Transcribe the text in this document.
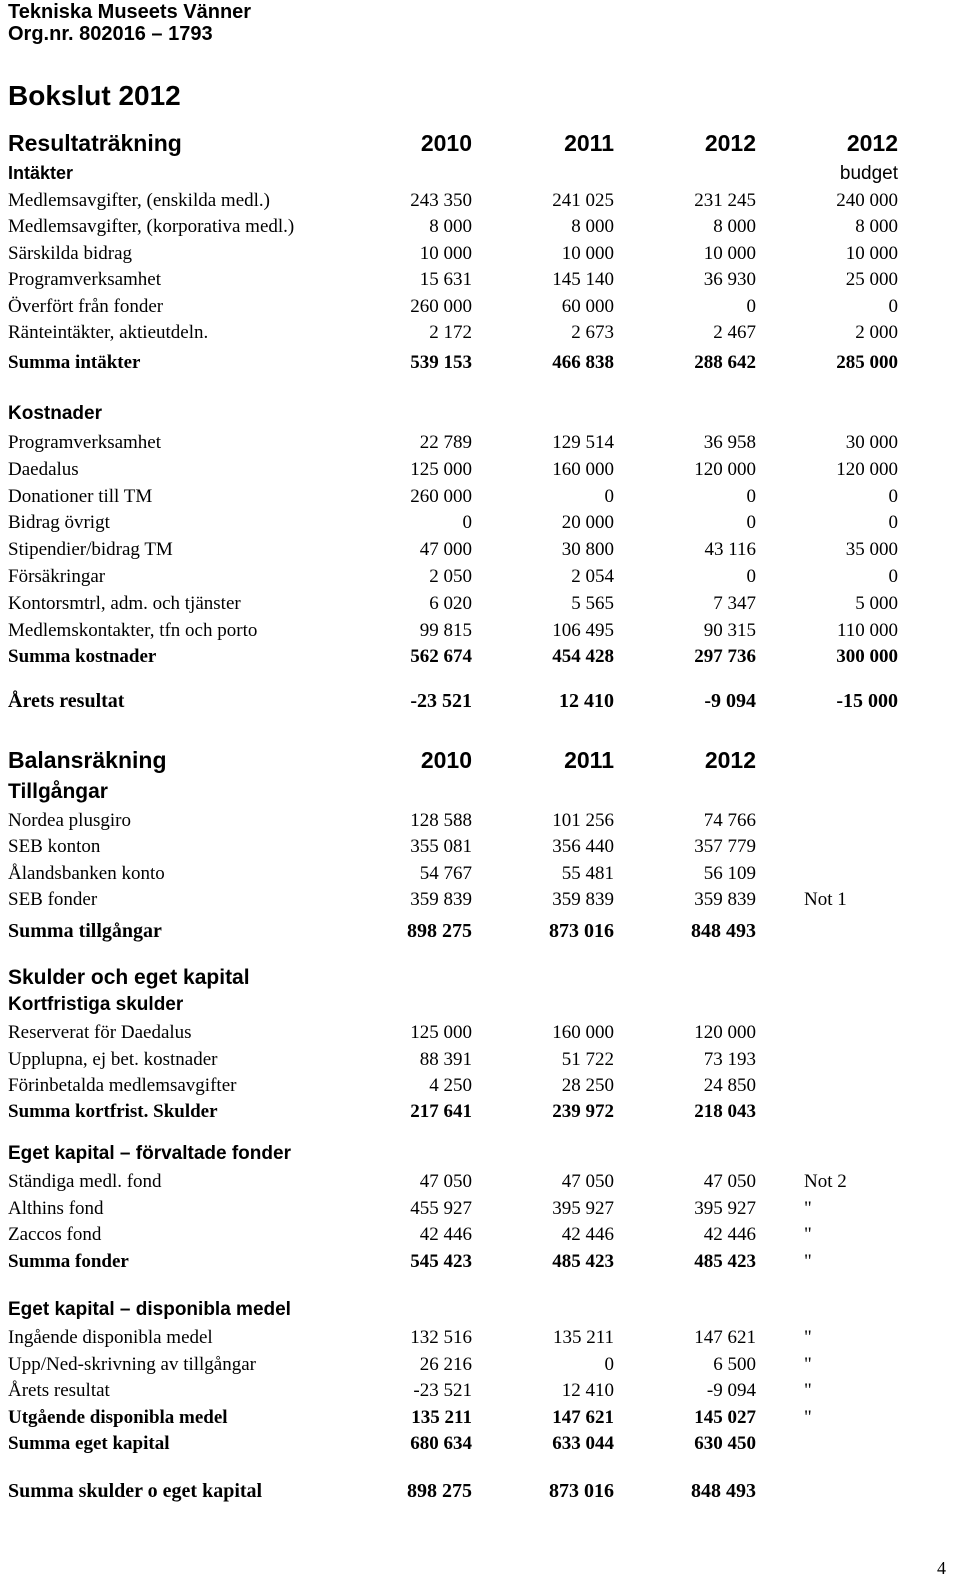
Tekniska Museets Vänner
Org.nr. 802016 – 1793
Bokslut 2012
Resultaträkning	2010	2011	2012	2012
Intäkter	budget
Medlemsavgifter, (enskilda medl.)	243 350	241 025	231 245	240 000
Medlemsavgifter, (korporativa medl.)	8 000	8 000	8 000	8 000
Särskilda bidrag	10 000	10 000	10 000	10 000
Programverksamhet	15 631	145 140	36 930	25 000
Överfört från fonder	260 000	60 000	0	0
Ränteintäkter, aktieutdeln.	2 172	2 673	2 467	2 000
Summa intäkter	539 153	466 838	288 642	285 000
Kostnader
Programverksamhet	22 789	129 514	36 958	30 000
Daedalus	125 000	160 000	120 000	120 000
Donationer till TM	260 000	0	0	0
Bidrag övrigt	0	20 000	0	0
Stipendier/bidrag TM	47 000	30 800	43 116	35 000
Försäkringar	2 050	2 054	0	0
Kontorsmtrl, adm. och tjänster	6 020	5 565	7 347	5 000
Medlemskontakter, tfn och porto	99 815	106 495	90 315	110 000
Summa kostnader	562 674	454 428	297 736	300 000
Årets resultat	-23 521	12 410	-9 094	-15 000
Balansräkning	2010	2011	2012
Tillgångar
Nordea plusgiro	128 588	101 256	74 766
SEB konton	355 081	356 440	357 779
Ålandsbanken konto	54 767	55 481	56 109
SEB fonder	359 839	359 839	359 839	Not 1
Summa tillgångar	898 275	873 016	848 493
Skulder och eget kapital
Kortfristiga skulder
Reserverat för Daedalus	125 000	160 000	120 000
Upplupna, ej bet. kostnader	88 391	51 722	73 193
Förinbetalda medlemsavgifter	4 250	28 250	24 850
Summa kortfrist. Skulder	217 641	239 972	218 043
Eget kapital – förvaltade fonder
Ständiga medl. fond	47 050	47 050	47 050	Not 2
Althins fond	455 927	395 927	395 927	"
Zaccos fond	42 446	42 446	42 446	"
Summa fonder	545 423	485 423	485 423	"
Eget kapital – disponibla medel
Ingående disponibla medel	132 516	135 211	147 621	"
Upp/Ned-skrivning av tillgångar	26 216	0	6 500	"
Årets resultat	-23 521	12 410	-9 094	"
Utgående disponibla medel	135 211	147 621	145 027	"
Summa eget kapital	680 634	633 044	630 450
Summa skulder o eget kapital	898 275	873 016	848 493
4
